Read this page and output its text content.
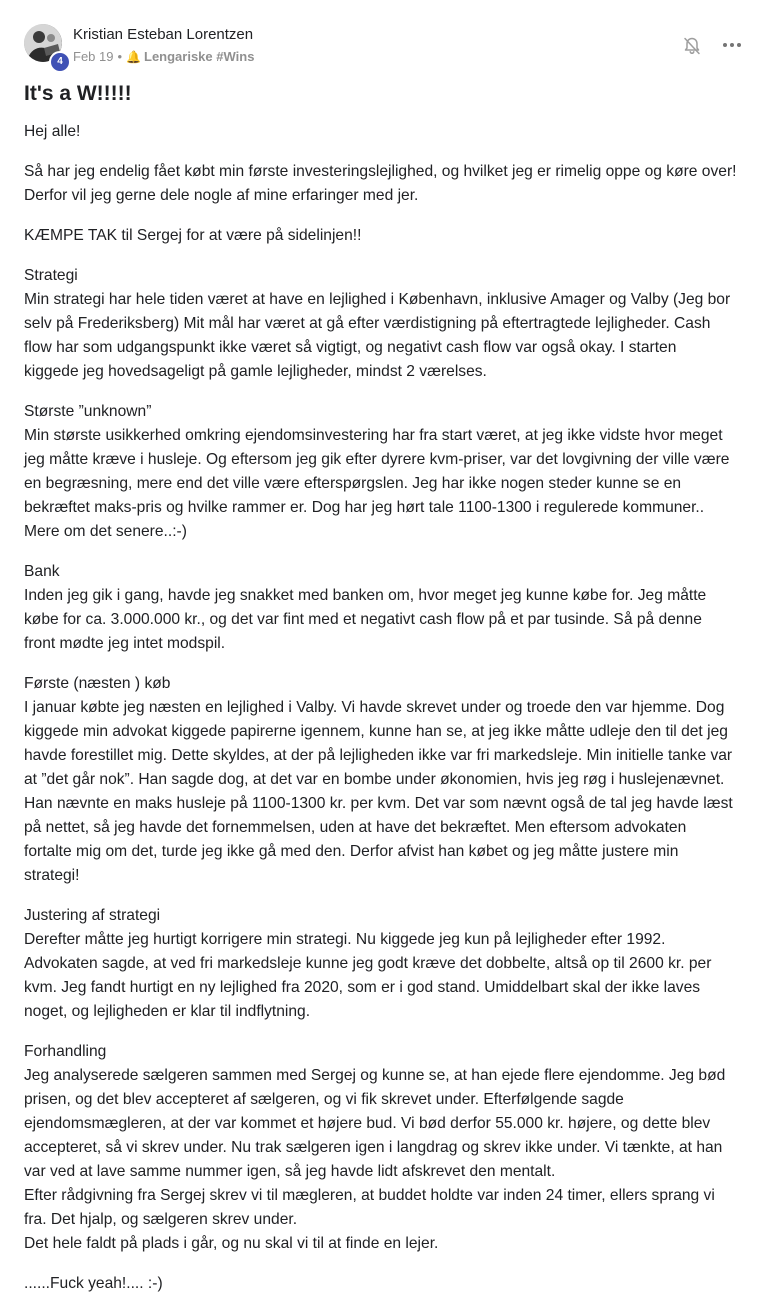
4
Kristian Esteban Lorentzen
Feb 19 • 🔔 Lengariske #Wins
It's a W!!!!!

Hej alle!

Så har jeg endelig fået købt min første investeringslejlighed, og hvilket jeg er rimelig oppe og køre over!
Derfor vil jeg gerne dele nogle af mine erfaringer med jer.

KÆMPE TAK til Sergej for at være på sidelinjen!!

Strategi
Min strategi har hele tiden været at have en lejlighed i København, inklusive Amager og Valby (Jeg bor
selv på Frederiksberg) Mit mål har været at gå efter værdistigning på eftertragtede lejligheder. Cash
flow har som udgangspunkt ikke været så vigtigt, og negativt cash flow var også okay. I starten
kiggede jeg hovedsageligt på gamle lejligheder, mindst 2 værelses.

Største ”unknown”
Min største usikkerhed omkring ejendomsinvestering har fra start været, at jeg ikke vidste hvor meget
jeg måtte kræve i husleje. Og eftersom jeg gik efter dyrere kvm-priser, var det lovgivning der ville være
en begræsning, mere end det ville være efterspørgslen. Jeg har ikke nogen steder kunne se en
bekræftet maks-pris og hvilke rammer er. Dog har jeg hørt tale 1100-1300 i regulerede kommuner..
Mere om det senere..:-)

Bank
Inden jeg gik i gang, havde jeg snakket med banken om, hvor meget jeg kunne købe for. Jeg måtte
købe for ca. 3.000.000 kr., og det var fint med et negativt cash flow på et par tusinde. Så på denne
front mødte jeg intet modspil.

Første (næsten ) køb
I januar købte jeg næsten en lejlighed i Valby. Vi havde skrevet under og troede den var hjemme. Dog
kiggede min advokat kiggede papirerne igennem, kunne han se, at jeg ikke måtte udleje den til det jeg
havde forestillet mig. Dette skyldes, at der på lejligheden ikke var fri markedsleje. Min initielle tanke var
at ”det går nok”. Han sagde dog, at det var en bombe under økonomien, hvis jeg røg i huslejenævnet.
Han nævnte en maks husleje på 1100-1300 kr. per kvm. Det var som nævnt også de tal jeg havde læst
på nettet, så jeg havde det fornemmelsen, uden at have det bekræftet. Men eftersom advokaten
fortalte mig om det, turde jeg ikke gå med den. Derfor afvist han købet og jeg måtte justere min
strategi!

Justering af strategi
Derefter måtte jeg hurtigt korrigere min strategi. Nu kiggede jeg kun på lejligheder efter 1992.
Advokaten sagde, at ved fri markedsleje kunne jeg godt kræve det dobbelte, altså op til 2600 kr. per
kvm. Jeg fandt hurtigt en ny lejlighed fra 2020, som er i god stand. Umiddelbart skal der ikke laves
noget, og lejligheden er klar til indflytning.

Forhandling
Jeg analyserede sælgeren sammen med Sergej og kunne se, at han ejede flere ejendomme. Jeg bød
prisen, og det blev accepteret af sælgeren, og vi fik skrevet under. Efterfølgende sagde
ejendomsmægleren, at der var kommet et højere bud. Vi bød derfor 55.000 kr. højere, og dette blev
accepteret, så vi skrev under. Nu trak sælgeren igen i langdrag og skrev ikke under. Vi tænkte, at han
var ved at lave samme nummer igen, så jeg havde lidt afskrevet den mentalt.
Efter rådgivning fra Sergej skrev vi til mægleren, at buddet holdte var inden 24 timer, ellers sprang vi
fra. Det hjalp, og sælgeren skrev under.
Det hele faldt på plads i går, og nu skal vi til at finde en lejer.

......Fuck yeah!.... :-)
